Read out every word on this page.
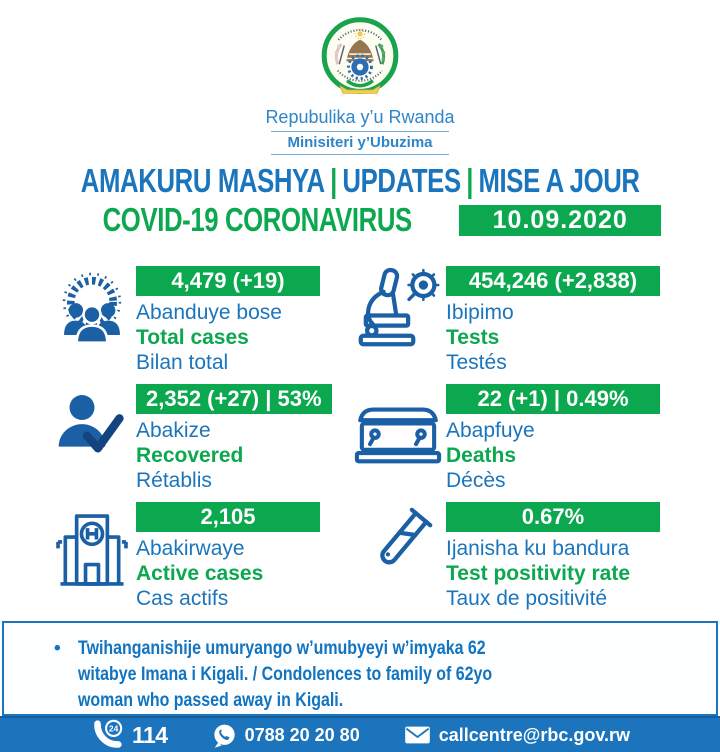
Repubulika y’u Rwanda
Minisiteri y’Ubuzima
AMAKURU MASHYA | UPDATES | MISE A JOUR
COVID-19 CORONAVIRUS	10.09.2020
4,479 (+19)
Abanduye bose
Total cases
Bilan total
454,246 (+2,838)
Ibipimo
Tests
Testés
2,352 (+27) | 53%
Abakize
Recovered
Rétablis
22 (+1) | 0.49%
Abapfuye
Deaths
Décès
2,105
Abakirwaye
Active cases
Cas actifs
0.67%
Ijanisha ku bandura
Test positivity rate
Taux de positivité
• Twihanganishije umuryango w’umubyeyi w’imyaka 62
witabye Imana i Kigali. / Condolences to family of 62yo
woman who passed away in Kigali.
24 114	0788 20 20 80	callcentre@rbc.gov.rw
